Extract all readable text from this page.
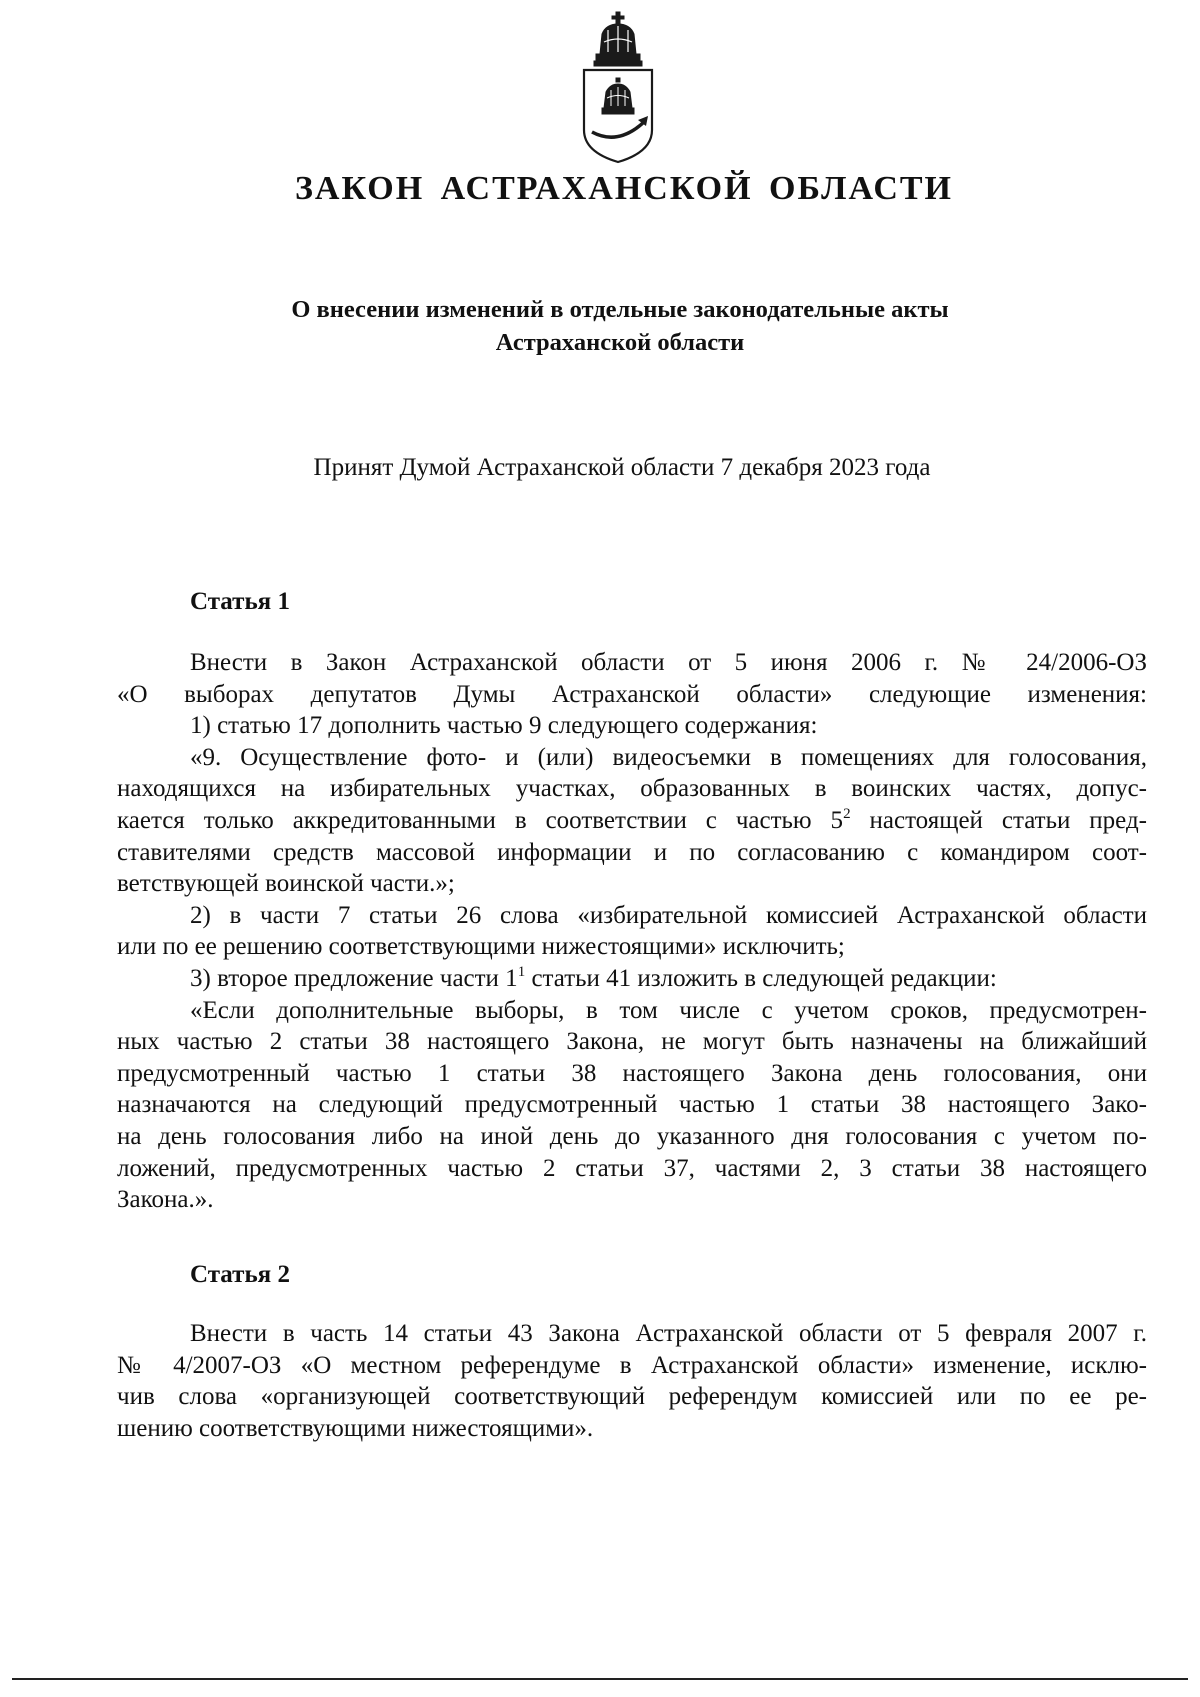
ЗАКОН АСТРАХАНСКОЙ ОБЛАСТИ
О внесении изменений в отдельные законодательные акты
Астраханской области
Принят Думой Астраханской области 7 декабря 2023 года
Статья 1
Внести в Закон Астраханской области от 5 июня 2006 г. № 24/2006-ОЗ
«О выборах депутатов Думы Астраханской области» следующие изменения:
1) статью 17 дополнить частью 9 следующего содержания:
«9. Осуществление фото- и (или) видеосъемки в помещениях для голосования,
находящихся на избирательных участках, образованных в воинских частях, допус-
кается только аккредитованными в соответствии с частью $5^2$ настоящей статьи пред-
ставителями средств массовой информации и по согласованию с командиром соот-
ветствующей воинской части.»;
2) в части 7 статьи 26 слова «избирательной комиссией Астраханской области
или по ее решению соответствующими нижестоящими» исключить;
3) второе предложение части $1^1$ статьи 41 изложить в следующей редакции:
«Если дополнительные выборы, в том числе с учетом сроков, предусмотрен-
ных частью 2 статьи 38 настоящего Закона, не могут быть назначены на ближайший
предусмотренный частью 1 статьи 38 настоящего Закона день голосования, они
назначаются на следующий предусмотренный частью 1 статьи 38 настоящего Зако-
на день голосования либо на иной день до указанного дня голосования с учетом по-
ложений, предусмотренных частью 2 статьи 37, частями 2, 3 статьи 38 настоящего
Закона.».
Статья 2
Внести в часть 14 статьи 43 Закона Астраханской области от 5 февраля 2007 г.
№ 4/2007-ОЗ «О местном референдуме в Астраханской области» изменение, исклю-
чив слова «организующей соответствующий референдум комиссией или по ее ре-
шению соответствующими нижестоящими».
